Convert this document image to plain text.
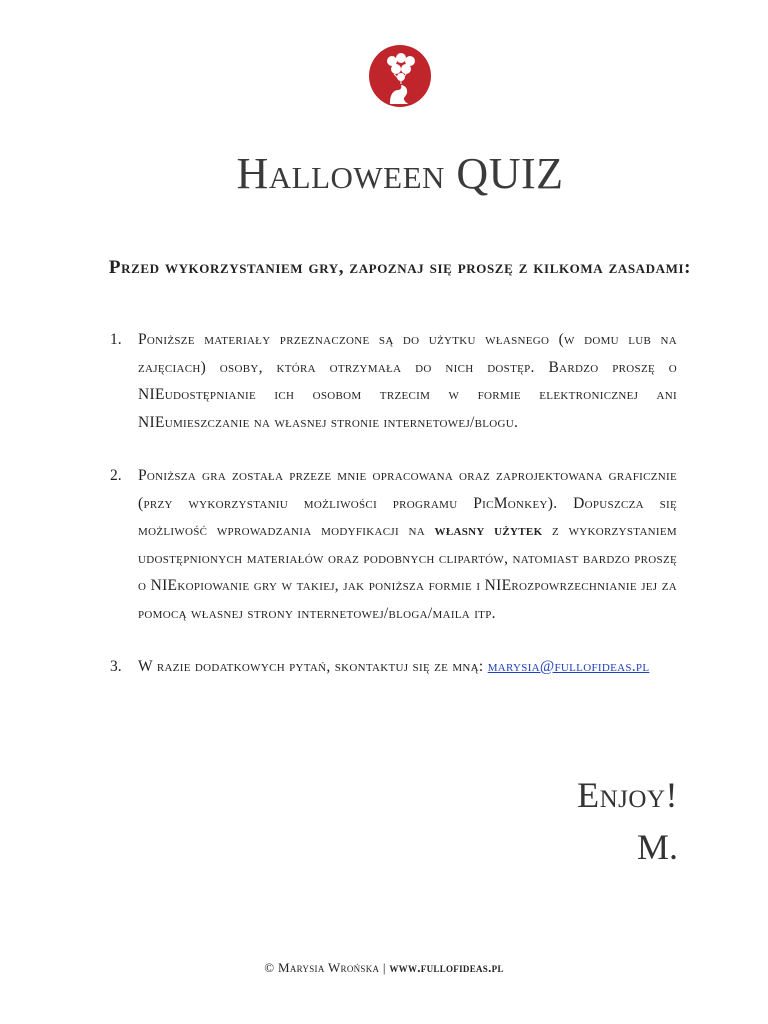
Halloween QUIZ
Przed wykorzystaniem gry, zapoznaj się proszę z kilkoma zasadami:
1. Poniższe materiały przeznaczone są do użytku własnego (w domu lub na zajęciach) osoby, która otrzymała do nich dostęp. Bardzo proszę o NIEudostępnianie ich osobom trzecim w formie elektronicznej ani NIEumieszczanie na własnej stronie internetowej/blogu.
2. Poniższa gra została przeze mnie opracowana oraz zaprojektowana graficznie (przy wykorzystaniu możliwości programu PicMonkey). Dopuszcza się możliwość wprowadzania modyfikacji na własny użytek z wykorzystaniem udostępnionych materiałów oraz podobnych clipartów, natomiast bardzo proszę o NIEkopiowanie gry w takiej, jak poniższa formie i NIErozpowrzechnianie jej za pomocą własnej strony internetowej/bloga/maila itp.
3. W razie dodatkowych pytań, skontaktuj się ze mną: marysia@fullofideas.pl
Enjoy!
M.
© Marysia Wrońska | www.fullofideas.pl
